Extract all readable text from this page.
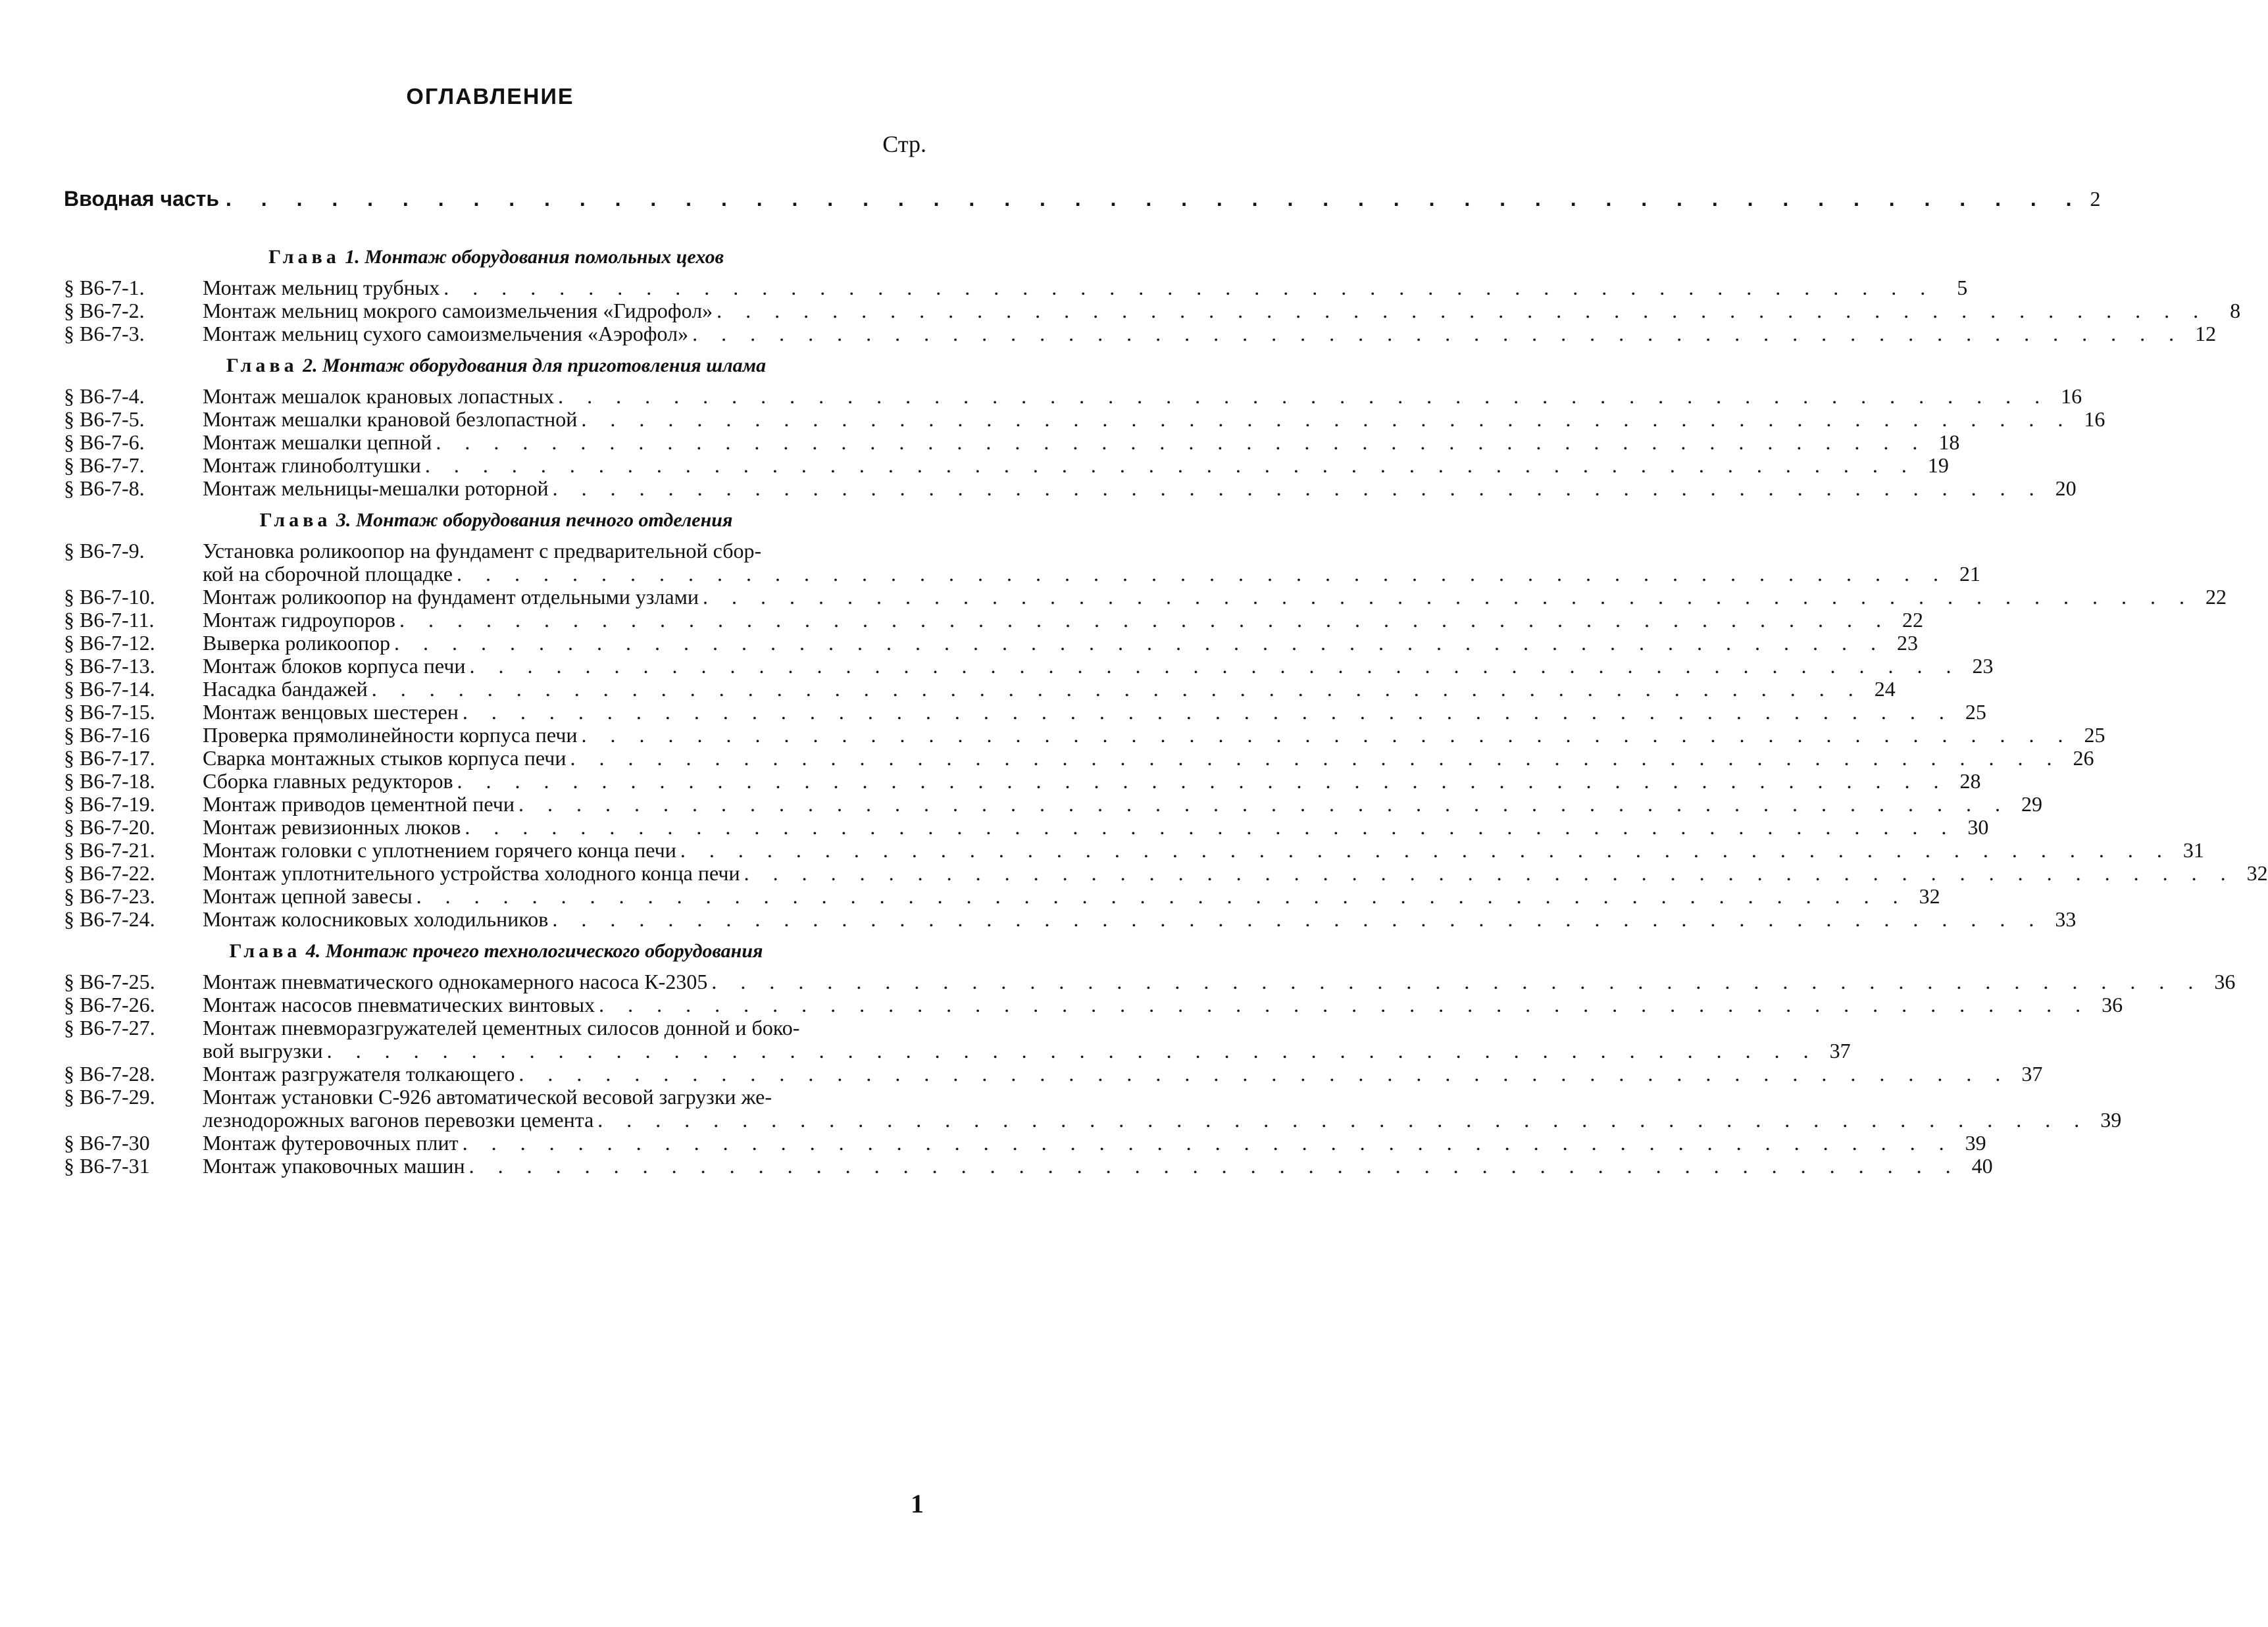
ОГЛАВЛЕНИЕ
Стр.
Вводная часть . . .	2
Глава 1. Монтаж оборудования помольных цехов
§ В6-7-1.	Монтаж мельниц трубных . . .	5
§ В6-7-2.	Монтаж мельниц мокрого самоизмельчения «Гидрофол» . . .	8
§ В6-7-3.	Монтаж мельниц сухого самоизмельчения «Аэрофол» . . .	12
Глава 2. Монтаж оборудования для приготовления шлама
§ В6-7-4.	Монтаж мешалок крановых лопастных . . .	16
§ В6-7-5.	Монтаж мешалки крановой безлопастной . . .	16
§ В6-7-6.	Монтаж мешалки цепной . . .	18
§ В6-7-7.	Монтаж глиноболтушки . . .	19
§ В6-7-8.	Монтаж мельницы-мешалки роторной . . .	20
Глава 3. Монтаж оборудования печного отделения
§ В6-7-9.	Установка роликоопор на фундамент с предварительной сбор-
кой на сборочной площадке . . .	21
§ В6-7-10.	Монтаж роликоопор на фундамент отдельными узлами . . .	22
§ В6-7-11.	Монтаж гидроупоров . . .	22
§ В6-7-12.	Выверка роликоопор . . .	23
§ В6-7-13.	Монтаж блоков корпуса печи . . .	23
§ В6-7-14.	Насадка бандажей . . .	24
§ В6-7-15.	Монтаж венцовых шестерен . . .	25
§ В6-7-16	Проверка прямолинейности корпуса печи . . .	25
§ В6-7-17.	Сварка монтажных стыков корпуса печи . . .	26
§ В6-7-18.	Сборка главных редукторов . . .	28
§ В6-7-19.	Монтаж приводов цементной печи . . .	29
§ В6-7-20.	Монтаж ревизионных люков . . .	30
§ В6-7-21.	Монтаж головки с уплотнением горячего конца печи . . .	31
§ В6-7-22.	Монтаж уплотнительного устройства холодного конца печи . . .	32
§ В6-7-23.	Монтаж цепной завесы . . .	32
§ В6-7-24.	Монтаж колосниковых холодильников . . .	33
Глава 4. Монтаж прочего технологического оборудования
§ В6-7-25.	Монтаж пневматического однокамерного насоса К-2305 . . .	36
§ В6-7-26.	Монтаж насосов пневматических винтовых . . .	36
§ В6-7-27.	Монтаж пневморазгружателей цементных силосов донной и боко-
вой выгрузки . . .	37
§ В6-7-28.	Монтаж разгружателя толкающего . . .	37
§ В6-7-29.	Монтаж установки С-926 автоматической весовой загрузки же-
лезнодорожных вагонов перевозки цемента . . .	39
§ В6-7-30	Монтаж футеровочных плит . . .	39
§ В6-7-31	Монтаж упаковочных машин . . .	40
1
